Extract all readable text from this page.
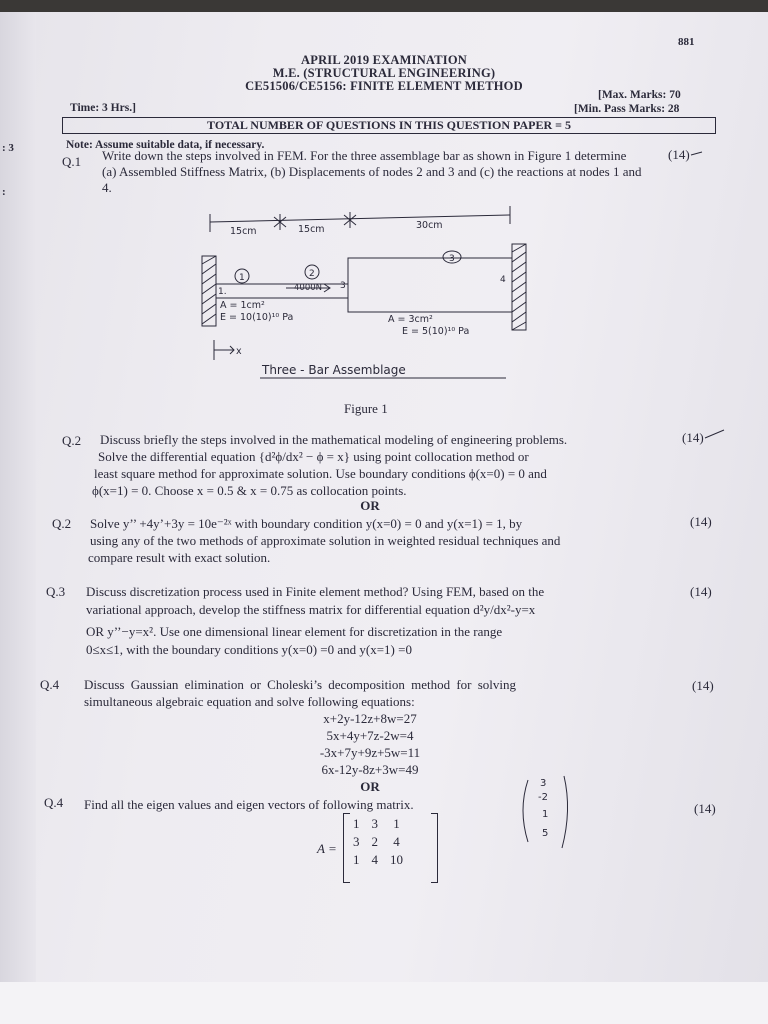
: 3
:
881
APRIL 2019 EXAMINATION
M.E. (STRUCTURAL ENGINEERING)
CE51506/CE5156: FINITE ELEMENT METHOD
Time: 3 Hrs.]
[Max. Marks: 70
[Min. Pass Marks: 28
TOTAL NUMBER OF QUESTIONS IN THIS QUESTION PAPER = 5
Note: Assume suitable data, if necessary.
Q.1 Write down the steps involved in FEM. For the three assemblage bar as shown in Figure 1 determine (a) Assembled Stiffness Matrix, (b) Displacements of nodes 2 and 3 and (c) the reactions at nodes 1 and 4.
(14)
15cm	15cm	30cm
1	2
3
1.
3
4
4000N
A = 1cm²
E = 10(10)¹⁰ Pa	A = 3cm²
E = 5(10)¹⁰ Pa
x
Three - Bar Assemblage
Figure 1
Q.2 Discuss briefly the steps involved in the mathematical modeling of engineering problems.
Solve the differential equation {d²ϕ/dx² − ϕ = x} using point collocation method or
least square method for approximate solution. Use boundary conditions ϕ(x=0) = 0 and
ϕ(x=1) = 0. Choose x = 0.5 & x = 0.75 as collocation points.
(14)
OR
Q.2 Solve y’’ +4y’+3y = 10e⁻²ˣ with boundary condition y(x=0) = 0 and y(x=1) = 1, by
using any of the two methods of approximate solution in weighted residual techniques and
compare result with exact solution.
(14)
Q.3 Discuss discretization process used in Finite element method? Using FEM, based on the
variational approach, develop the stiffness matrix for differential equation d²y/dx²-y=x
OR y’’−y=x². Use one dimensional linear element for discretization in the range
0≤x≤1, with the boundary conditions y(x=0) =0 and y(x=1) =0
(14)
Q.4 Discuss Gaussian elimination or Choleski’s decomposition method for solving
simultaneous algebraic equation and solve following equations:
(14)
x+2y-12z+8w=27
5x+4y+7z-2w=4
-3x+7y+9z+5w=11
6x-12y-8z+3w=49
OR
Q.4 Find all the eigen values and eigen vectors of following matrix.	(14)
A =
1	3	1
3	2	4
1	4	10
3
-2
1
5
